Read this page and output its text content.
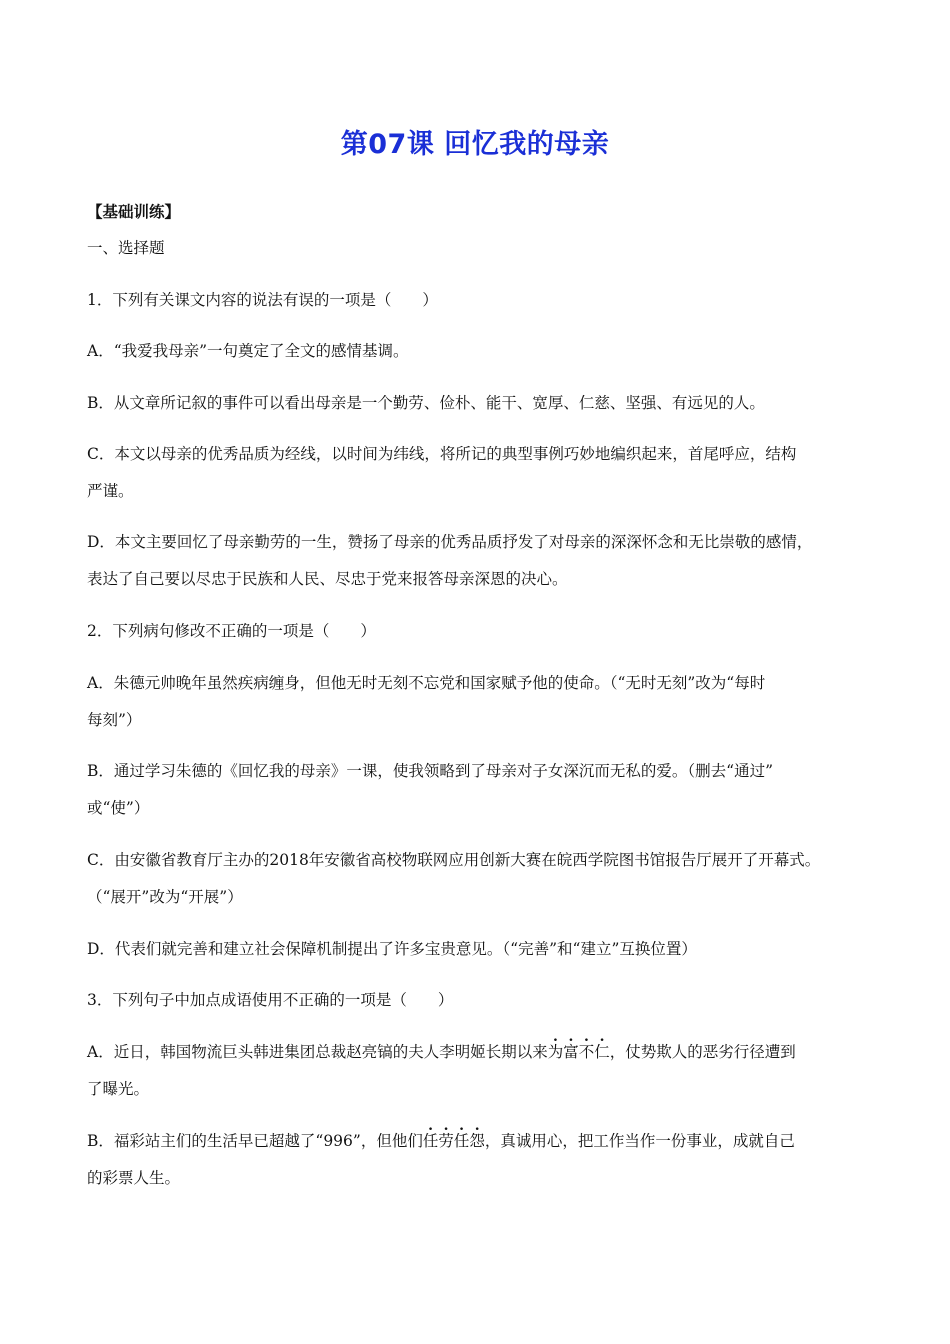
第07课 回忆我的母亲
【基础训练】
一、选择题
1．下列有关课文内容的说法有误的一项是（　　）
A．“我爱我母亲”一句奠定了全文的感情基调。
B．从文章所记叙的事件可以看出母亲是一个勤劳、俭朴、能干、宽厚、仁慈、坚强、有远见的人。
C．本文以母亲的优秀品质为经线，以时间为纬线，将所记的典型事例巧妙地编织起来，首尾呼应，结构
严谨。
D．本文主要回忆了母亲勤劳的一生，赞扬了母亲的优秀品质抒发了对母亲的深深怀念和无比崇敬的感情，
表达了自己要以尽忠于民族和人民、尽忠于党来报答母亲深恩的决心。
2．下列病句修改不正确的一项是（　　）
A．朱德元帅晚年虽然疾病缠身，但他无时无刻不忘党和国家赋予他的使命。（“无时无刻”改为“每时
每刻”）
B．通过学习朱德的《回忆我的母亲》一课，使我领略到了母亲对子女深沉而无私的爱。（删去“通过”
或“使”）
C．由安徽省教育厅主办的2018年安徽省高校物联网应用创新大赛在皖西学院图书馆报告厅展开了开幕式。
（“展开”改为“开展”）
D．代表们就完善和建立社会保障机制提出了许多宝贵意见。（“完善”和“建立”互换位置）
3．下列句子中加点成语使用不正确的一项是（　　）
A．近日，韩国物流巨头韩进集团总裁赵亮镐的夫人李明姬长期以来为富不仁，仗势欺人的恶劣行径遭到
了曝光。
B．福彩站主们的生活早已超越了“996”，但他们任劳任怨，真诚用心，把工作当作一份事业，成就自己
的彩票人生。
